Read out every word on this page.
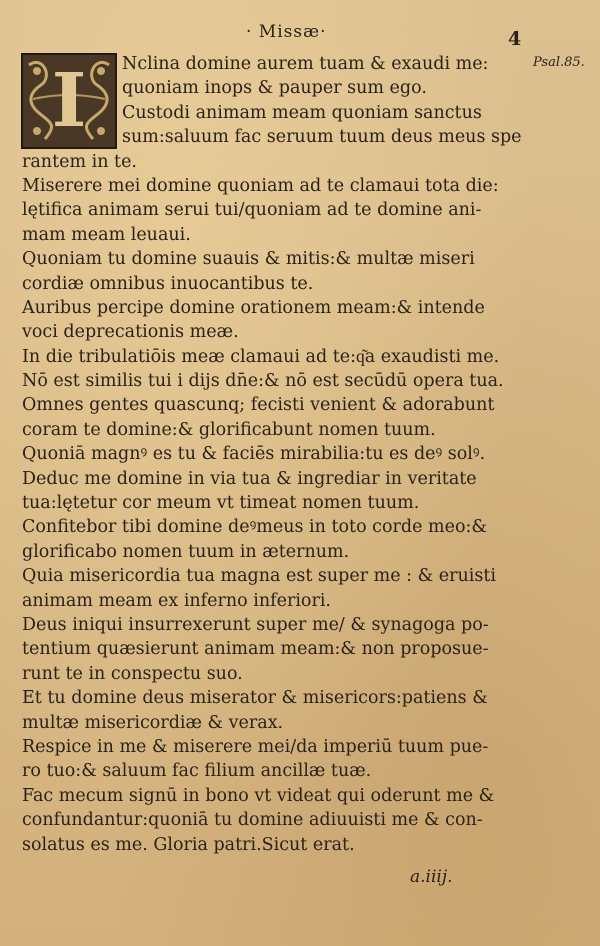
· Missæ·	4
Psal.85.
I	Nclina domine aurem tuam & exaudi me:
quoniam inops & pauper sum ego.
Custodi animam meam quoniam sanctus
sum:saluum fac seruum tuum deus meus spe
rantem in te.
Miserere mei domine quoniam ad te clamaui tota die:
lętifica animam serui tui/quoniam ad te domine ani-
mam meam leuaui.
Quoniam tu domine suauis & mitis:& multæ miseri
cordiæ omnibus inuocantibus te.
Auribus percipe domine orationem meam:& intende
voci deprecationis meæ.
In die tribulatiōis meæ clamaui ad te:q͂a exaudisti me.
Nō est similis tui i dijs dn̄e:& nō est secūdū opera tua.
Omnes gentes quascunq; fecisti venient & adorabunt
coram te domine:& glorificabunt nomen tuum.
Quoniā magnꝰ es tu & faciēs mirabilia:tu es deꝰ solꝰ.
Deduc me domine in via tua & ingrediar in veritate
tua:lętetur cor meum vt timeat nomen tuum.
Confitebor tibi domine deꝰmeus in toto corde meo:&
glorificabo nomen tuum in æternum.
Quia misericordia tua magna est super me : & eruisti
animam meam ex inferno inferiori.
Deus iniqui insurrexerunt super me/ & synagoga po-
tentium quæsierunt animam meam:& non proposue-
runt te in conspectu suo.
Et tu domine deus miserator & misericors:patiens &
multæ misericordiæ & verax.
Respice in me & miserere mei/da imperiū tuum pue-
ro tuo:& saluum fac filium ancillæ tuæ.
Fac mecum signū in bono vt videat qui oderunt me &
confundantur:quoniā tu domine adiuuisti me & con-
solatus es me. Gloria patri.Sicut erat.
a.iiij.
